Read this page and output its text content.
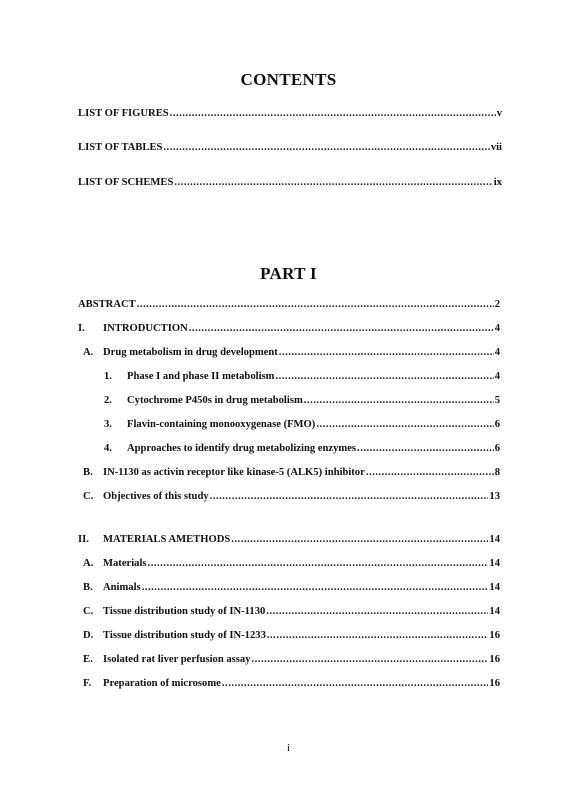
CONTENTS
LIST OF FIGURES .....	v
LIST OF TABLES .....	vii
LIST OF SCHEMES .....	ix
PART I
ABSTRACT .....	2
I.	INTRODUCTION .....	4
A. Drug metabolism in drug development .....	4
1.	Phase I and phase II metabolism .....	4
2.	Cytochrome P450s in drug metabolism .....	5
3.	Flavin-containing monooxygenase (FMO) .....	6
4.	Approaches to identify drug metabolizing enzymes .....	6
B. IN-1130 as activin receptor like kinase-5 (ALK5) inhibitor .....	8
C. Objectives of this study .....	13
II.	MATERIALS AMETHODS .....	14
A. Materials .....	14
B. Animals .....	14
C. Tissue distribution study of IN-1130 .....	14
D. Tissue distribution study of IN-1233 .....	16
E. Isolated rat liver perfusion assay .....	16
F.	Preparation of microsome .....	16
i
